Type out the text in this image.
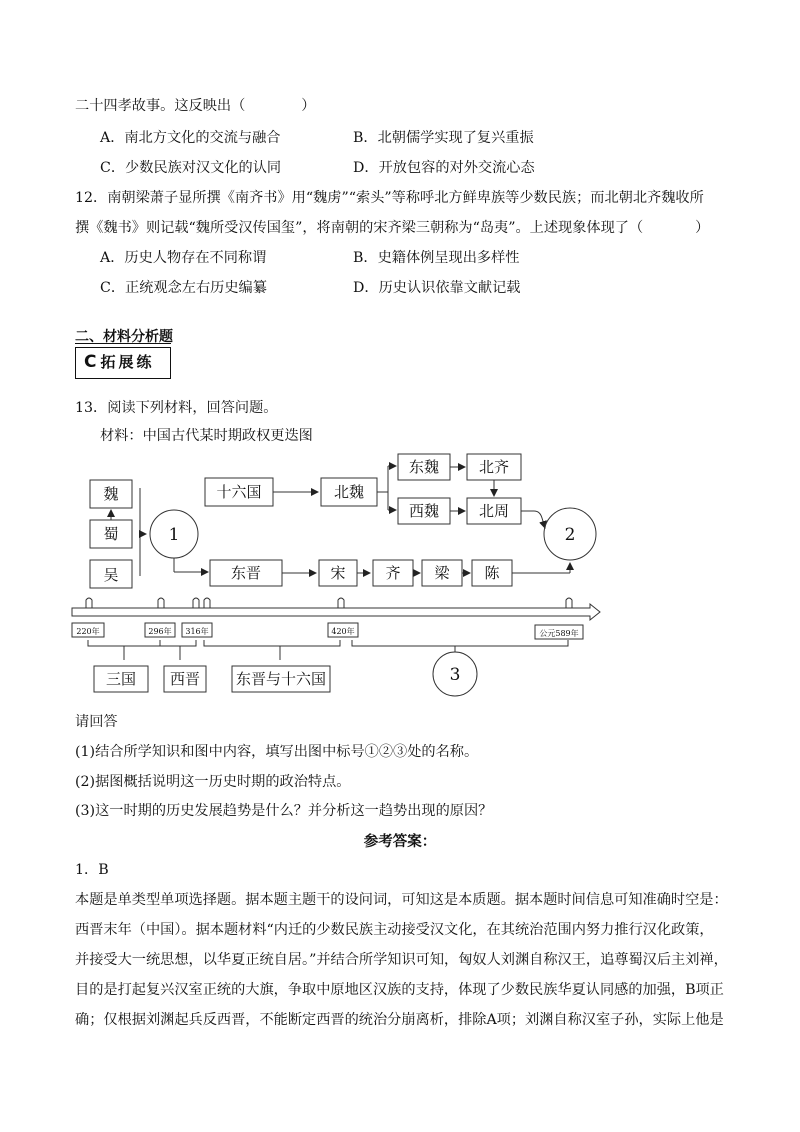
二十四孝故事。这反映出（	）
A．南北方文化的交流与融合	B．北朝儒学实现了复兴重振
C．少数民族对汉文化的认同	D．开放包容的对外交流心态
12．南朝梁萧子显所撰《南齐书》用“魏虏”“索头”等称呼北方鲜卑族等少数民族；而北朝北齐魏收所
撰《魏书》则记载“魏所受汉传国玺”，将南朝的宋齐梁三朝称为“岛夷”。上述现象体现了（	）
A．历史人物存在不同称谓	B．史籍体例呈现出多样性
C．正统观念左右历史编纂	D．历史认识依靠文献记载
二、材料分析题
C 拓展练
13．阅读下列材料，回答问题。
材料：中国古代某时期政权更迭图
魏
蜀
吴
1
十六国	北魏
东魏	北齐
西魏	北周
2
东晋	宋	齐 梁 陈
220年	296年 316年	420年	公元589年
三国 西晋 东晋与十六国	3
请回答
(1)结合所学知识和图中内容，填写出图中标号①②③处的名称。
(2)据图概括说明这一历史时期的政治特点。
(3)这一时期的历史发展趋势是什么？并分析这一趋势出现的原因？
参考答案：
1．B
本题是单类型单项选择题。据本题主题干的设问词，可知这是本质题。据本题时间信息可知准确时空是：
西晋末年（中国）。据本题材料“内迁的少数民族主动接受汉文化，在其统治范围内努力推行汉化政策，
并接受大一统思想，以华夏正统自居。”并结合所学知识可知，匈奴人刘渊自称汉王，追尊蜀汉后主刘禅，
目的是打起复兴汉室正统的大旗，争取中原地区汉族的支持，体现了少数民族华夏认同感的加强，B项正
确；仅根据刘渊起兵反西晋，不能断定西晋的统治分崩离析，排除A项；刘渊自称汉室子孙，实际上他是
